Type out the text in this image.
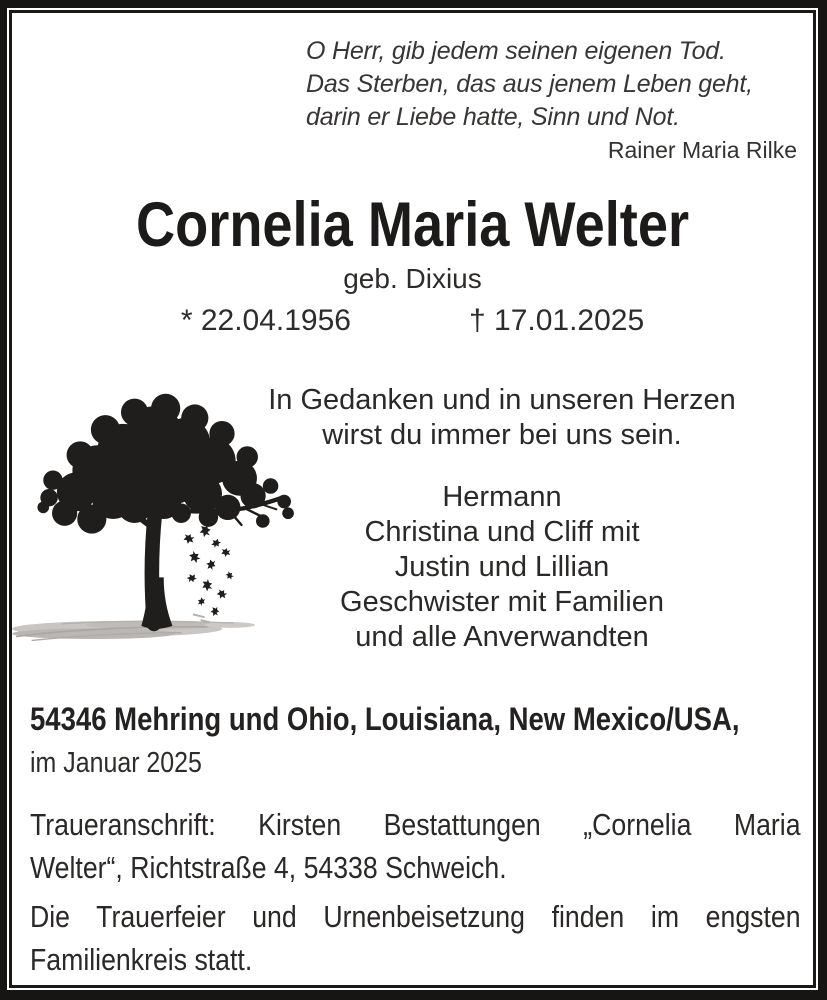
O Herr, gib jedem seinen eigenen Tod.
Das Sterben, das aus jenem Leben geht,
darin er Liebe hatte, Sinn und Not.
Rainer Maria Rilke
Cornelia Maria Welter
geb. Dixius
* 22.04.1956	† 17.01.2025
In Gedanken und in unseren Herzen
wirst du immer bei uns sein.
Hermann
Christina und Cliff mit
Justin und Lillian
Geschwister mit Familien
und alle Anverwandten
54346 Mehring und Ohio, Louisiana, New Mexico/USA,
im Januar 2025
Traueranschrift: Kirsten Bestattungen „Cornelia Maria
Welter“, Richtstraße 4, 54338 Schweich.
Die Trauerfeier und Urnenbeisetzung finden im engsten
Familienkreis statt.
